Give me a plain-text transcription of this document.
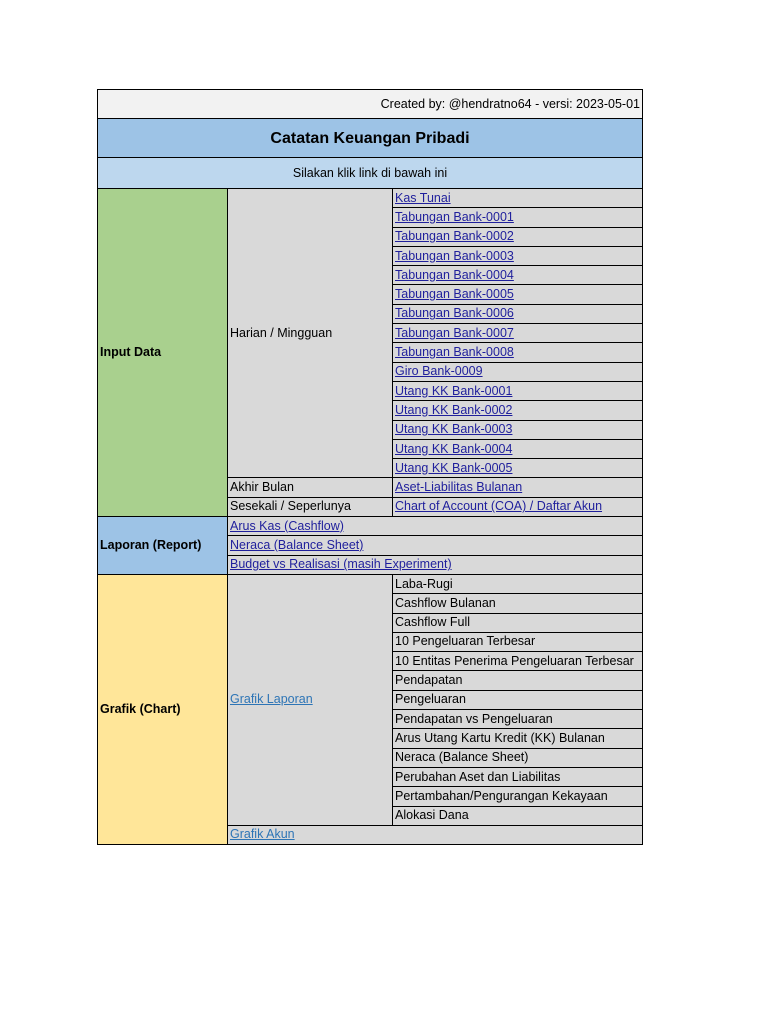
Created by: @hendratno64 - versi: 2023-05-01		
Catatan Keuangan Pribadi		
Silakan klik link di bawah ini		
Input Data	Harian / Mingguan	Kas Tunai
		Tabungan Bank-0001
		Tabungan Bank-0002
		Tabungan Bank-0003
		Tabungan Bank-0004
		Tabungan Bank-0005
		Tabungan Bank-0006
		Tabungan Bank-0007
		Tabungan Bank-0008
		Giro Bank-0009
		Utang KK Bank-0001
		Utang KK Bank-0002
		Utang KK Bank-0003
		Utang KK Bank-0004
		Utang KK Bank-0005
	Akhir Bulan	Aset-Liabilitas Bulanan
	Sesekali / Seperlunya	Chart of Account (COA) / Daftar Akun
Laporan (Report)	Arus Kas (Cashflow)	
	Neraca (Balance Sheet)	
	Budget vs Realisasi (masih Experiment)	
Grafik (Chart)	Grafik Laporan	Laba-Rugi
		Cashflow Bulanan
		Cashflow Full
		10 Pengeluaran Terbesar
		10 Entitas Penerima Pengeluaran Terbesar
		Pendapatan
		Pengeluaran
		Pendapatan vs Pengeluaran
		Arus Utang Kartu Kredit (KK) Bulanan
		Neraca (Balance Sheet)
		Perubahan Aset dan Liabilitas
		Pertambahan/Pengurangan Kekayaan
		Alokasi Dana
	Grafik Akun	
